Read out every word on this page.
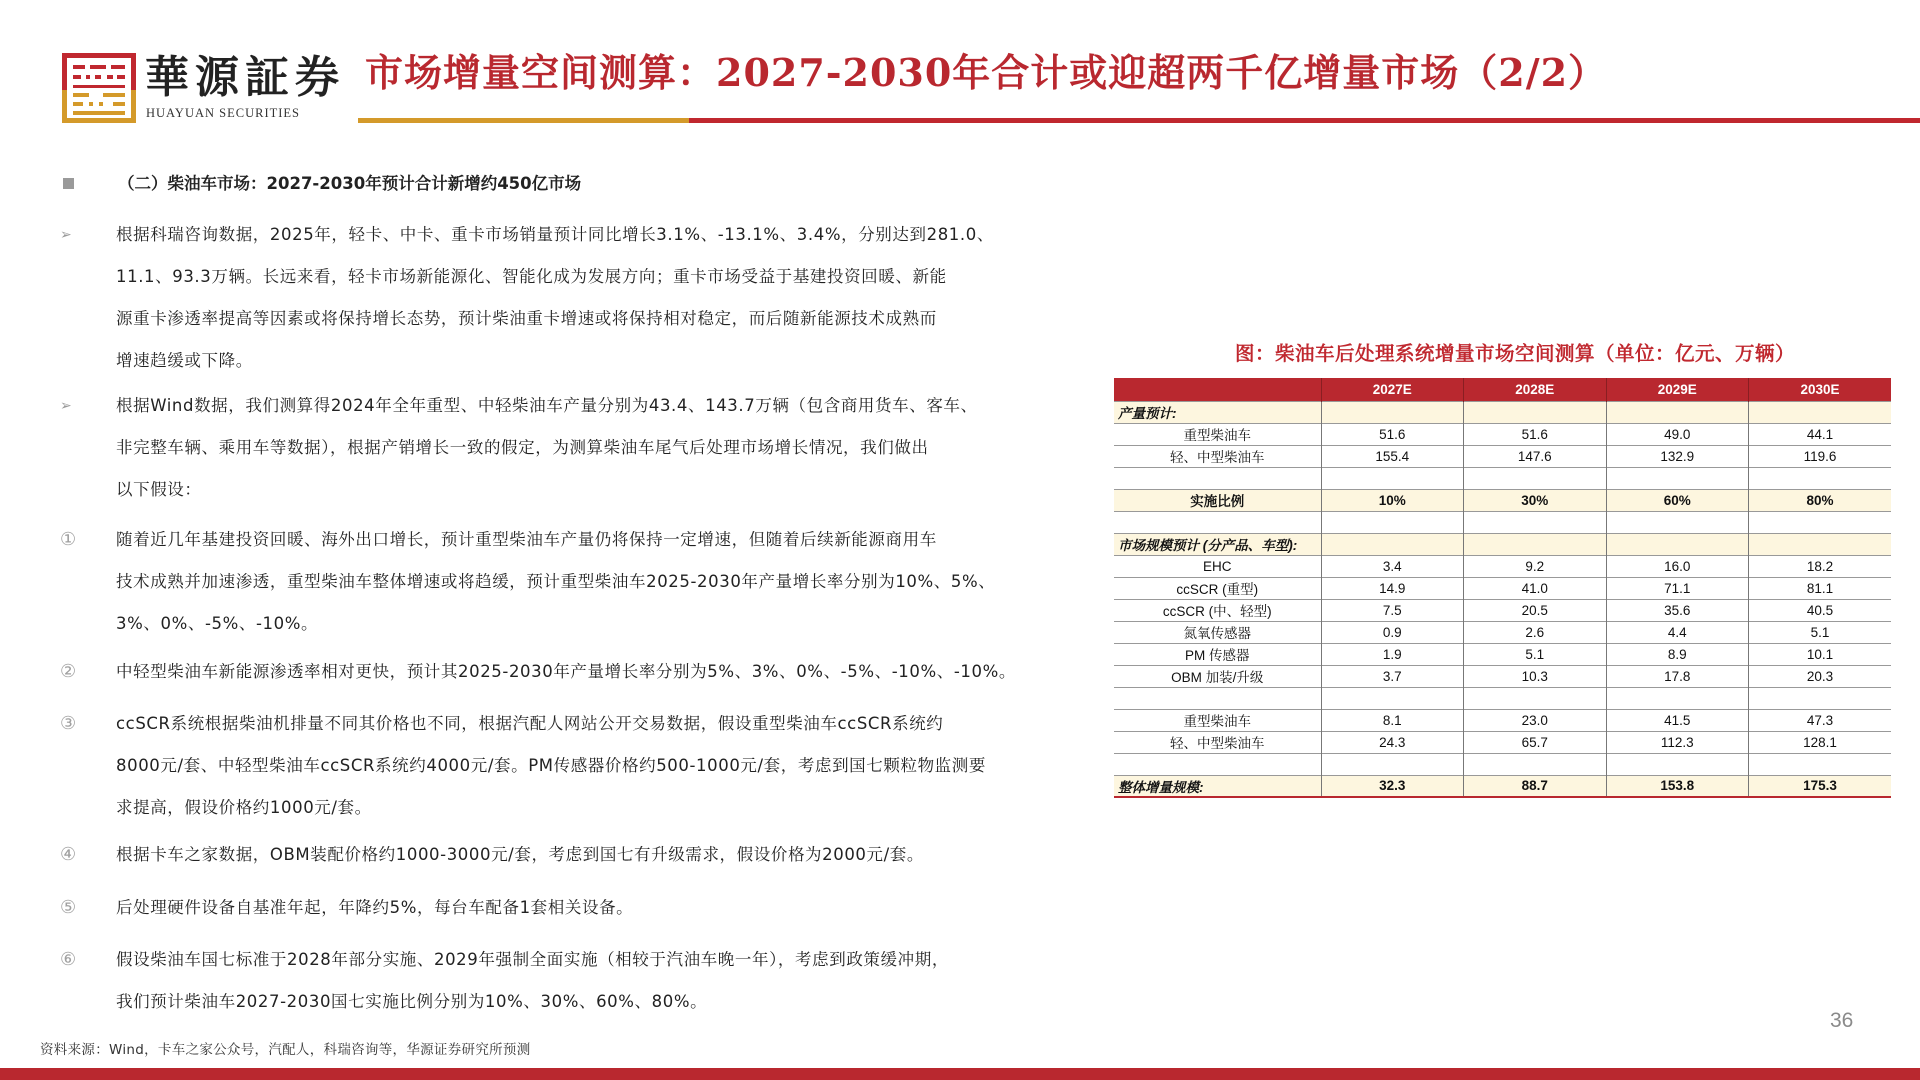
華源証券
HUAYUAN SECURITIES
市场增量空间测算：2027-2030年合计或迎超两千亿增量市场（2/2）
（二）柴油车市场：2027-2030年预计合计新增约450亿市场
➢	根据科瑞咨询数据，2025年，轻卡、中卡、重卡市场销量预计同比增长3.1%、-13.1%、3.4%，分别达到281.0、
11.1、93.3万辆。长远来看，轻卡市场新能源化、智能化成为发展方向；重卡市场受益于基建投资回暖、新能
源重卡渗透率提高等因素或将保持增长态势，预计柴油重卡增速或将保持相对稳定，而后随新能源技术成熟而
增速趋缓或下降。
➢	根据Wind数据，我们测算得2024年全年重型、中轻柴油车产量分别为43.4、143.7万辆（包含商用货车、客车、
非完整车辆、乘用车等数据），根据产销增长一致的假定，为测算柴油车尾气后处理市场增长情况，我们做出
以下假设：
① 随着近几年基建投资回暖、海外出口增长，预计重型柴油车产量仍将保持一定增速，但随着后续新能源商用车
技术成熟并加速渗透，重型柴油车整体增速或将趋缓，预计重型柴油车2025-2030年产量增长率分别为10%、5%、
3%、0%、-5%、-10%。
② 中轻型柴油车新能源渗透率相对更快，预计其2025-2030年产量增长率分别为5%、3%、0%、-5%、-10%、-10%。
③ ccSCR系统根据柴油机排量不同其价格也不同，根据汽配人网站公开交易数据，假设重型柴油车ccSCR系统约
8000元/套、中轻型柴油车ccSCR系统约4000元/套。PM传感器价格约500-1000元/套，考虑到国七颗粒物监测要
求提高，假设价格约1000元/套。
④ 根据卡车之家数据，OBM装配价格约1000-3000元/套，考虑到国七有升级需求，假设价格为2000元/套。
⑤ 后处理硬件设备自基准年起，年降约5%，每台车配备1套相关设备。
⑥ 假设柴油车国七标准于2028年部分实施、2029年强制全面实施（相较于汽油车晚一年），考虑到政策缓冲期，
我们预计柴油车2027-2030国七实施比例分别为10%、30%、60%、80%。
图：柴油车后处理系统增量市场空间测算（单位：亿元、万辆）
	2027E	2028E	2029E	2030E
产量预计:				
重型柴油车	51.6	51.6	49.0	44.1
轻、中型柴油车	155.4	147.6	132.9	119.6

实施比例	10%	30%	60%	80%

市场规模预计 (分产品、车型):				
EHC	3.4	9.2	16.0	18.2
ccSCR (重型)	14.9	41.0	71.1	81.1
ccSCR (中、轻型)	7.5	20.5	35.6	40.5
氮氧传感器	0.9	2.6	4.4	5.1
PM 传感器	1.9	5.1	8.9	10.1
OBM 加装/升级	3.7	10.3	17.8	20.3

重型柴油车	8.1	23.0	41.5	47.3
轻、中型柴油车	24.3	65.7	112.3	128.1

整体增量规模:	32.3	88.7	153.8	175.3
资料来源：Wind，卡车之家公众号，汽配人，科瑞咨询等，华源证券研究所预测
36
